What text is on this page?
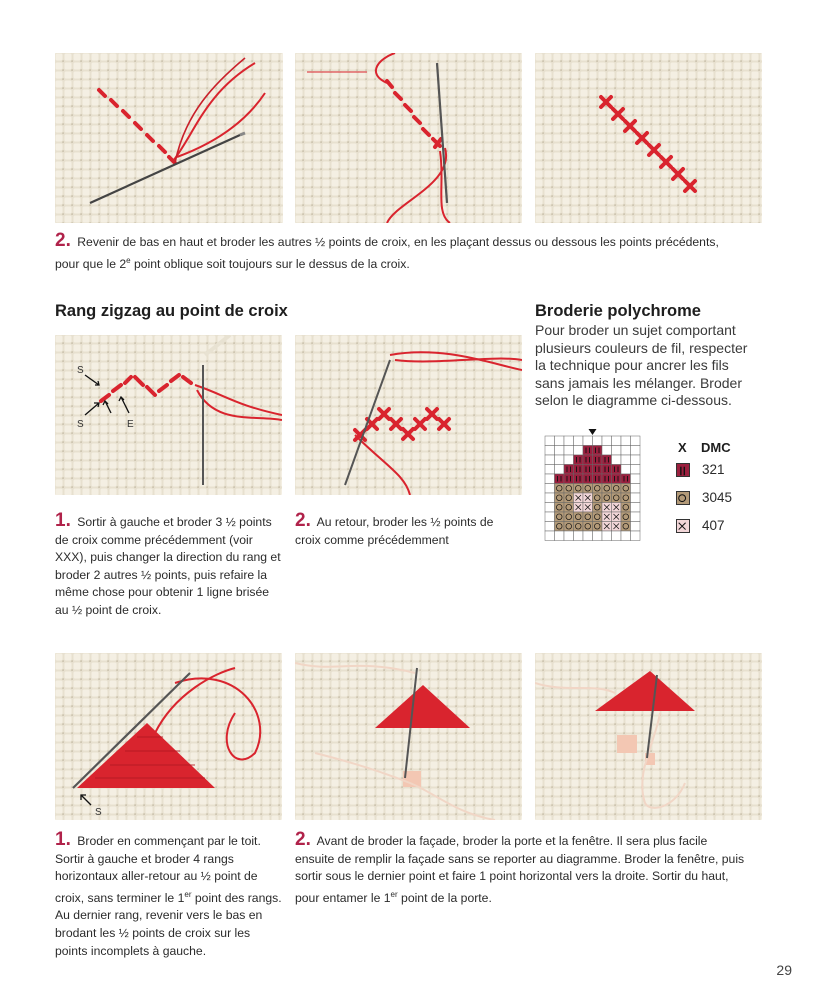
2. Revenir de bas en haut et broder les autres ½ points de croix, en les plaçant dessus ou dessous les points précédents,
pour que le 2e point oblique soit toujours sur le dessus de la croix.

Rang zigzag au point de croix
S
S	E

1. Sortir à gauche et broder 3 ½ points de croix comme précédemment (voir XXX), puis changer la direction du rang et broder 2 autres ½ points, puis refaire la même chose pour obtenir 1 ligne brisée au ½ point de croix.

2. Au retour, broder les ½ points de croix comme précédemment

Broderie polychrome

Pour broder un sujet comportant plusieurs couleurs de fil, respecter la technique pour ancrer les fils sans jamais les mélanger. Broder selon le diagramme ci-dessous.

X DMC
321
3045
407
S

1. Broder en commençant par le toit. Sortir à gauche et broder 4 rangs horizontaux aller-retour au ½ point de croix, sans terminer le 1er point des rangs. Au dernier rang, revenir vers le bas en brodant les ½ points de croix sur les points incomplets à gauche.

2. Avant de broder la façade, broder la porte et la fenêtre. Il sera plus facile ensuite de remplir la façade sans se reporter au diagramme. Broder la fenêtre, puis sortir sous le dernier point et faire 1 point horizontal vers la droite. Sortir du haut, pour entamer le 1er point de la porte.

29
